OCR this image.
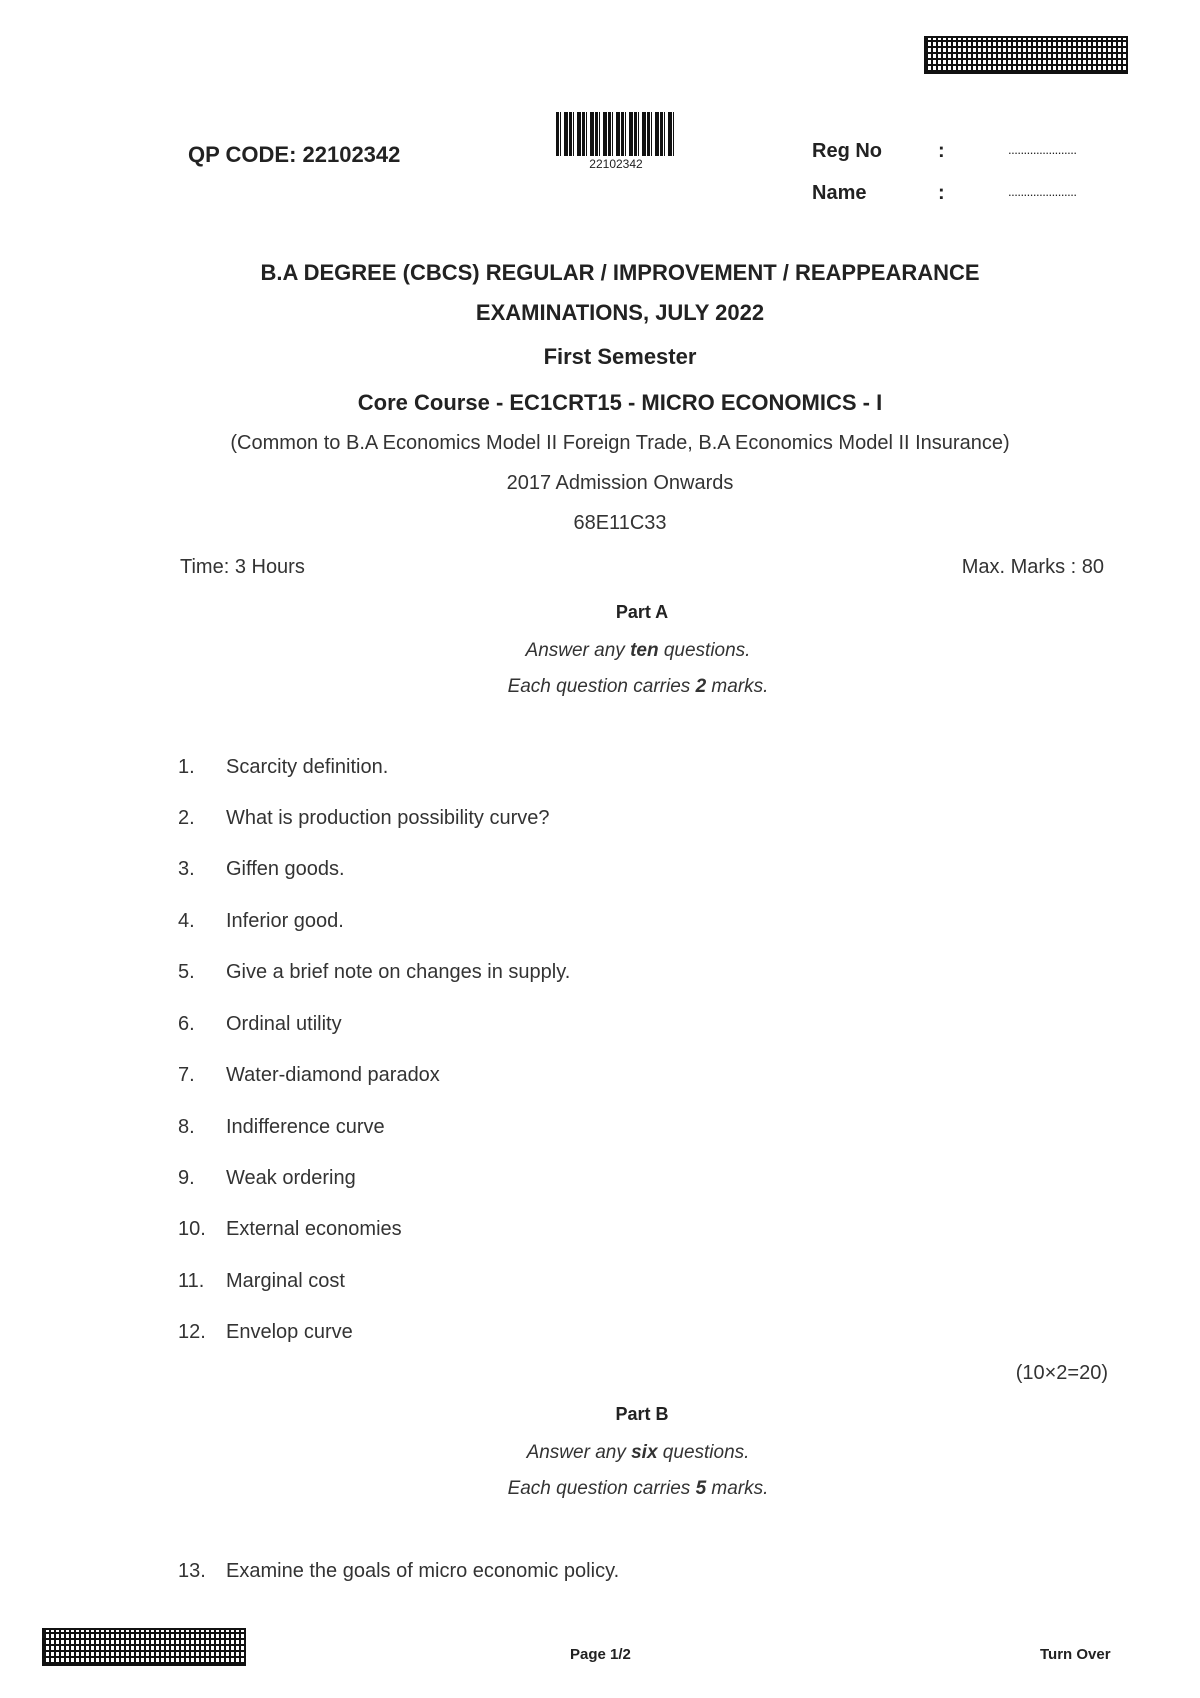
QP CODE: 22102342	22102342
Reg No	:	......................
Name	:	......................
B.A DEGREE (CBCS) REGULAR / IMPROVEMENT / REAPPEARANCE
EXAMINATIONS, JULY 2022
First Semester
Core Course - EC1CRT15 - MICRO ECONOMICS - I
(Common to B.A Economics Model II Foreign Trade, B.A Economics Model II Insurance)
2017 Admission Onwards
68E11C33
Time: 3 Hours	Max. Marks : 80
Part A
Answer any ten questions.
Each question carries 2 marks.
1. Scarcity definition.
2. What is production possibility curve?
3. Giffen goods.
4. Inferior good.
5. Give a brief note on changes in supply.
6. Ordinal utility
7. Water-diamond paradox
8. Indifference curve
9. Weak ordering
10. External economies
11. Marginal cost
12. Envelop curve
(10×2=20)
Part B
Answer any six questions.
Each question carries 5 marks.
13. Examine the goals of micro economic policy.
Page 1/2	Turn Over
